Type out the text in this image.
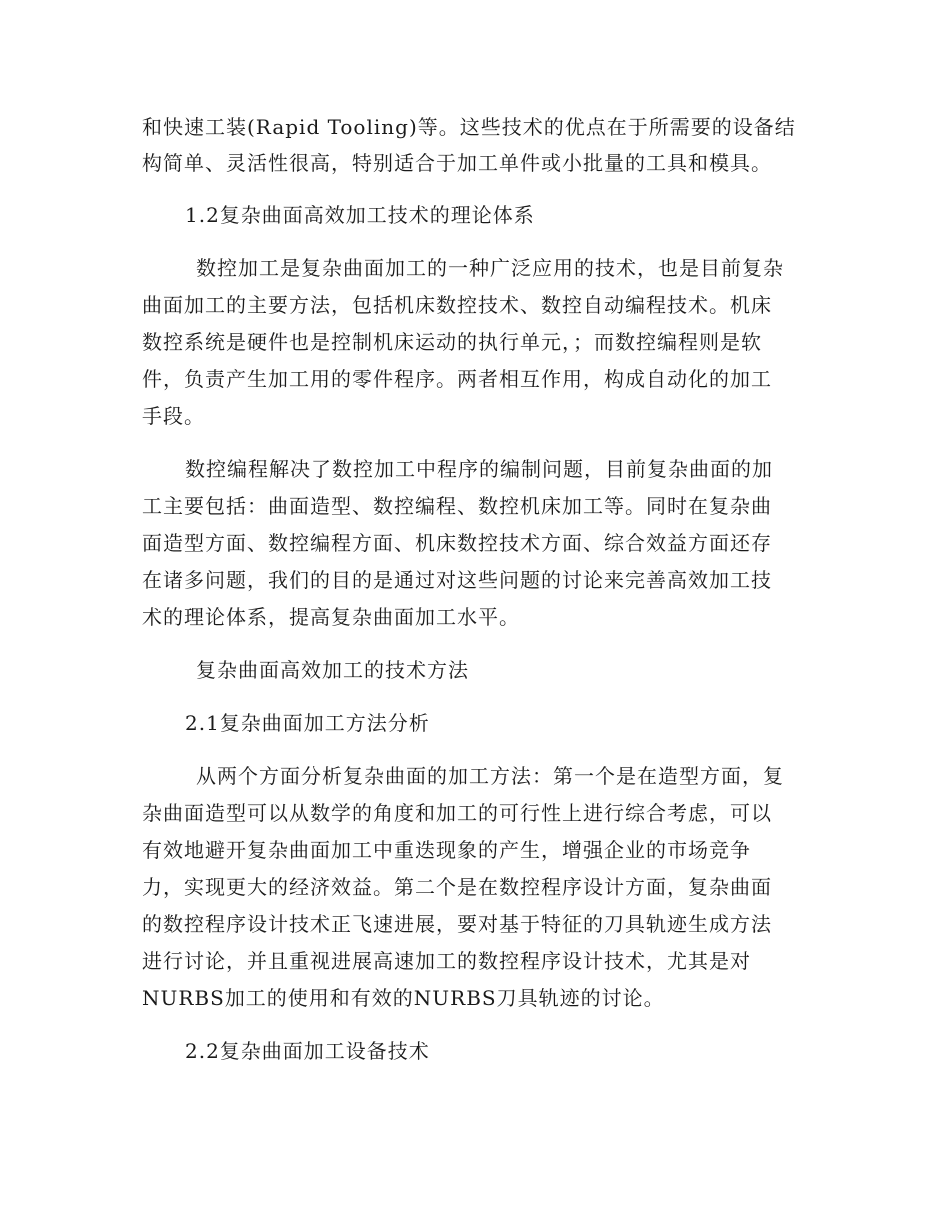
和快速工装(Rapid Tooling)等。这些技术的优点在于所需要的设备结
构简单、灵活性很高，特别适合于加工单件或小批量的工具和模具。
1.2复杂曲面高效加工技术的理论体系
数控加工是复杂曲面加工的一种广泛应用的技术，也是目前复杂
曲面加工的主要方法，包括机床数控技术、数控自动编程技术。机床
数控系统是硬件也是控制机床运动的执行单元，；而数控编程则是软
件，负责产生加工用的零件程序。两者相互作用，构成自动化的加工
手段。
数控编程解决了数控加工中程序的编制问题，目前复杂曲面的加
工主要包括：曲面造型、数控编程、数控机床加工等。同时在复杂曲
面造型方面、数控编程方面、机床数控技术方面、综合效益方面还存
在诸多问题，我们的目的是通过对这些问题的讨论来完善高效加工技
术的理论体系，提高复杂曲面加工水平。
复杂曲面高效加工的技术方法
2.1复杂曲面加工方法分析
从两个方面分析复杂曲面的加工方法：第一个是在造型方面，复
杂曲面造型可以从数学的角度和加工的可行性上进行综合考虑，可以
有效地避开复杂曲面加工中重迭现象的产生，增强企业的市场竞争
力，实现更大的经济效益。第二个是在数控程序设计方面，复杂曲面
的数控程序设计技术正飞速进展，要对基于特征的刀具轨迹生成方法
进行讨论，并且重视进展高速加工的数控程序设计技术，尤其是对
NURBS加工的使用和有效的NURBS刀具轨迹的讨论。
2.2复杂曲面加工设备技术
